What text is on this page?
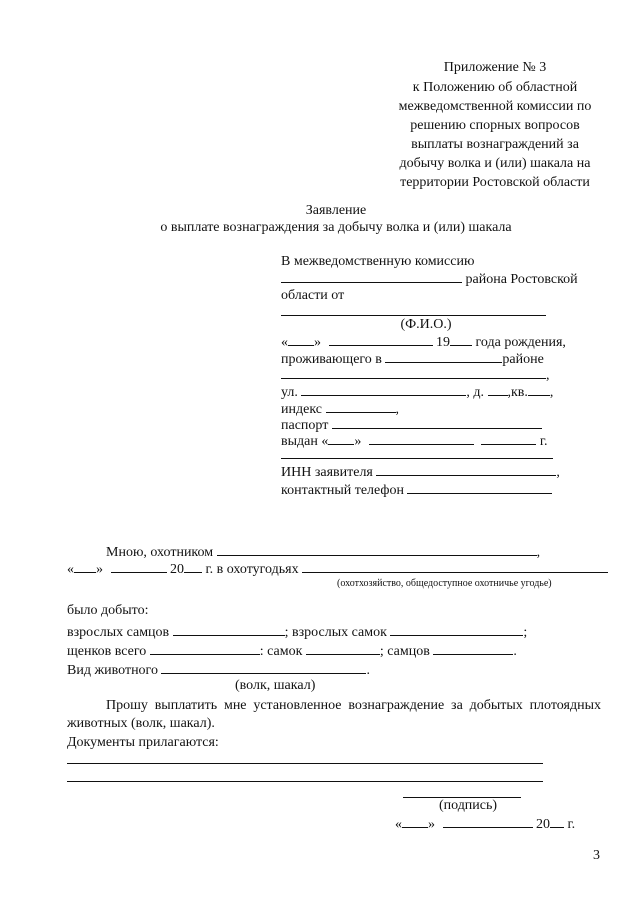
Приложение № 3
к Положению об областной
межведомственной комиссии по
решению спорных вопросов
выплаты вознаграждений за
добычу волка и (или) шакала на
территории Ростовской области
Заявление
о выплате вознаграждения за добычу волка и (или) шакала
В межведомственную комиссию
района Ростовской
области от
(Ф.И.О.)
« »	19 года рождения,
проживающего в	районе
,
ул.	, д. ,кв. ,
индекс	,
паспорт
выдан « »	г.
ИНН заявителя	,
контактный телефон
Мною, охотником	,
« »	20 г. в охотугодьях
(охотхозяйство, общедоступное охотничье угодье)
было добыто:
взрослых самцов	; взрослых самок	;
щенков всего	: самок	; самцов	.
Вид животного	.
(волк, шакал)
Прошу выплатить мне установленное вознаграждение за добытых плотоядных
животных (волк, шакал).
Документы прилагаются:
(подпись)
« »	20 г.
3
